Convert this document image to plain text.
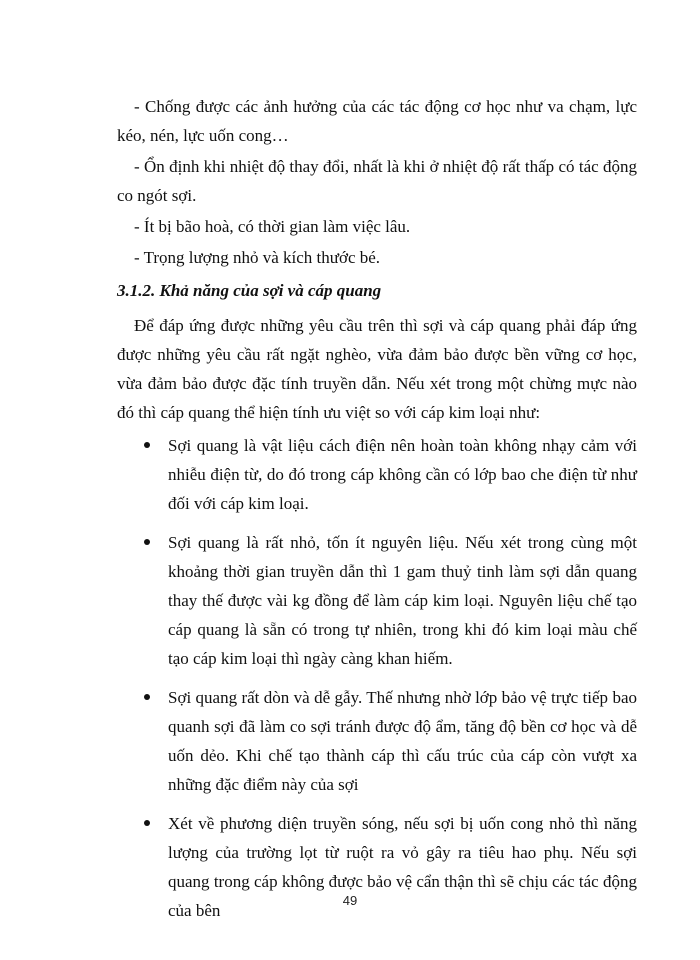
- Chống được các ảnh hưởng của các tác động cơ học như va chạm, lực kéo, nén, lực uốn cong…

- Ổn định khi nhiệt độ thay đổi, nhất là khi ở nhiệt độ rất thấp có tác động co ngót sợi.

- Ít bị bão hoà, có thời gian làm việc lâu.

- Trọng lượng nhỏ và kích thước bé.

3.1.2. Khả năng của sợi và cáp quang

Để đáp ứng được những yêu cầu trên thì sợi và cáp quang phải đáp ứng được những yêu cầu rất ngặt nghèo, vừa đảm bảo được bền vững cơ học, vừa đảm bảo được đặc tính truyền dẫn. Nếu xét trong một chừng mực nào đó thì cáp quang thể hiện tính ưu việt so với cáp kim loại như:

Sợi quang là vật liệu cách điện nên hoàn toàn không nhạy cảm với nhiễu điện từ, do đó trong cáp không cần có lớp bao che điện từ như đối với cáp kim loại.
Sợi quang là rất nhỏ, tốn ít nguyên liệu. Nếu xét trong cùng một khoảng thời gian truyền dẫn thì 1 gam thuỷ tinh làm sợi dẫn quang thay thế được vài kg đồng để làm cáp kim loại. Nguyên liệu chế tạo cáp quang là sẵn có trong tự nhiên, trong khi đó kim loại màu chế tạo cáp kim loại thì ngày càng khan hiếm.
Sợi quang rất dòn và dễ gẫy. Thế nhưng nhờ lớp bảo vệ trực tiếp bao quanh sợi đã làm co sợi tránh được độ ẩm, tăng độ bền cơ học và dễ uốn dẻo. Khi chế tạo thành cáp thì cấu trúc của cáp còn vượt xa những đặc điểm này của sợi
Xét về phương diện truyền sóng, nếu sợi bị uốn cong nhỏ thì năng lượng của trường lọt từ ruột ra vỏ gây ra tiêu hao phụ. Nếu sợi quang trong cáp không được bảo vệ cẩn thận thì sẽ chịu các tác động của bên
49
